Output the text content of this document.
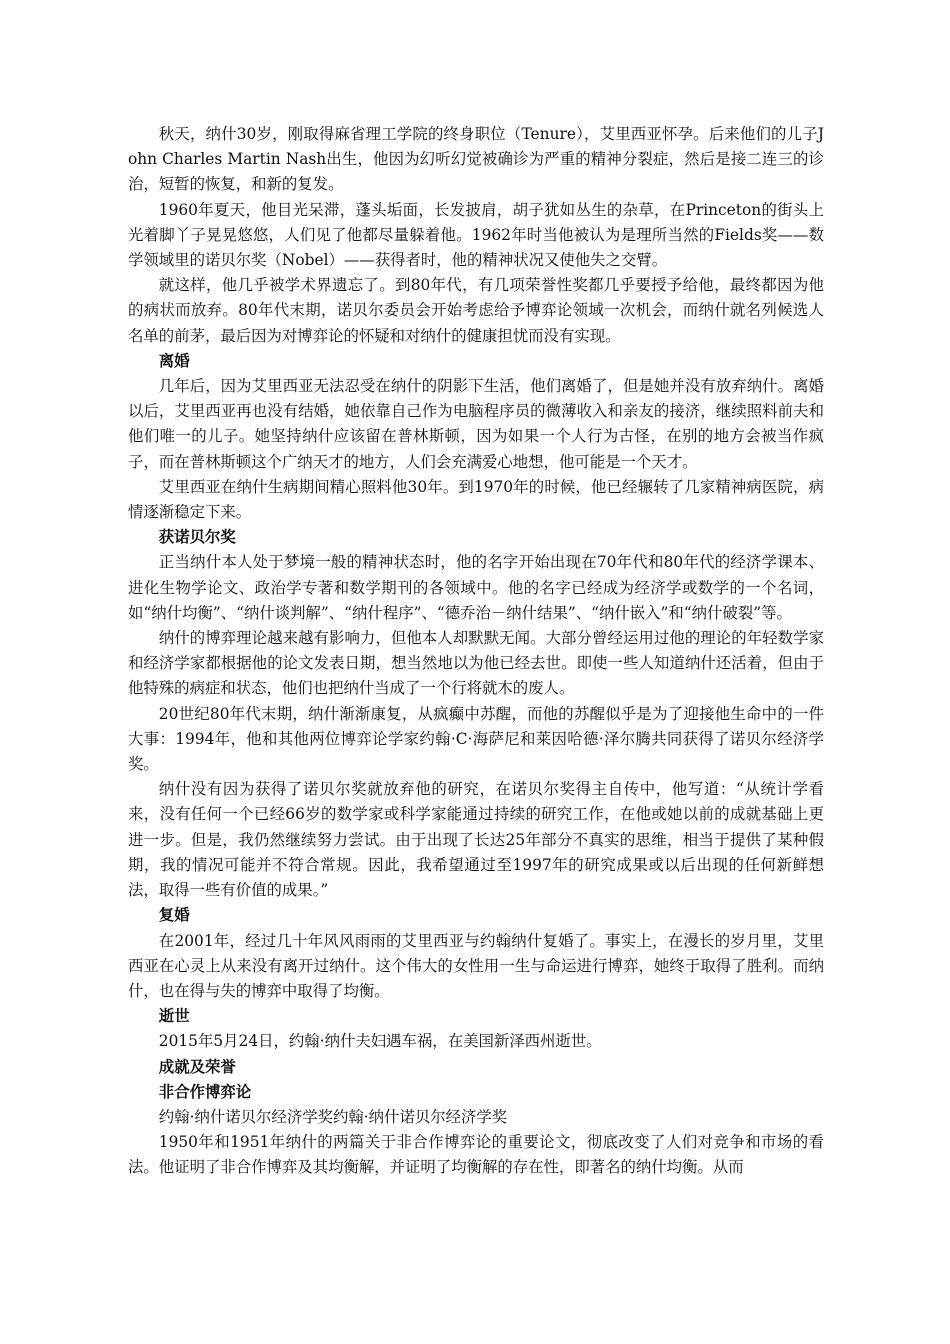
秋天，纳什30岁，刚取得麻省理工学院的终身职位（Tenure），艾里西亚怀孕。后来他们的儿子John Charles Martin Nash出生，他因为幻听幻觉被确诊为严重的精神分裂症，然后是接二连三的诊治，短暂的恢复，和新的复发。

1960年夏天，他目光呆滞，蓬头垢面，长发披肩，胡子犹如丛生的杂草，在Princeton的街头上光着脚丫子晃晃悠悠，人们见了他都尽量躲着他。1962年时当他被认为是理所当然的Fields奖——数学领域里的诺贝尔奖（Nobel）——获得者时，他的精神状况又使他失之交臂。

就这样，他几乎被学术界遗忘了。到80年代，有几项荣誉性奖都几乎要授予给他，最终都因为他的病状而放弃。80年代末期，诺贝尔委员会开始考虑给予博弈论领域一次机会，而纳什就名列候选人名单的前茅，最后因为对博弈论的怀疑和对纳什的健康担忧而没有实现。

离婚

几年后，因为艾里西亚无法忍受在纳什的阴影下生活，他们离婚了，但是她并没有放弃纳什。离婚以后，艾里西亚再也没有结婚，她依靠自己作为电脑程序员的微薄收入和亲友的接济，继续照料前夫和他们唯一的儿子。她坚持纳什应该留在普林斯顿，因为如果一个人行为古怪，在别的地方会被当作疯子，而在普林斯顿这个广纳天才的地方，人们会充满爱心地想，他可能是一个天才。

艾里西亚在纳什生病期间精心照料他30年。到1970年的时候，他已经辗转了几家精神病医院，病情逐渐稳定下来。

获诺贝尔奖

正当纳什本人处于梦境一般的精神状态时，他的名字开始出现在70年代和80年代的经济学课本、进化生物学论文、政治学专著和数学期刊的各领域中。他的名字已经成为经济学或数学的一个名词，如“纳什均衡”、“纳什谈判解”、“纳什程序”、“德乔治－纳什结果”、“纳什嵌入”和“纳什破裂”等。

纳什的博弈理论越来越有影响力，但他本人却默默无闻。大部分曾经运用过他的理论的年轻数学家和经济学家都根据他的论文发表日期，想当然地以为他已经去世。即使一些人知道纳什还活着，但由于他特殊的病症和状态，他们也把纳什当成了一个行将就木的废人。

20世纪80年代末期，纳什渐渐康复，从疯癫中苏醒，而他的苏醒似乎是为了迎接他生命中的一件大事：1994年，他和其他两位博弈论学家约翰·C·海萨尼和莱因哈德·泽尔腾共同获得了诺贝尔经济学奖。

纳什没有因为获得了诺贝尔奖就放弃他的研究，在诺贝尔奖得主自传中，他写道：“从统计学看来，没有任何一个已经66岁的数学家或科学家能通过持续的研究工作，在他或她以前的成就基础上更进一步。但是，我仍然继续努力尝试。由于出现了长达25年部分不真实的思维，相当于提供了某种假期，我的情况可能并不符合常规。因此，我希望通过至1997年的研究成果或以后出现的任何新鲜想法，取得一些有价值的成果。”

复婚

在2001年，经过几十年风风雨雨的艾里西亚与约翰纳什复婚了。事实上，在漫长的岁月里，艾里西亚在心灵上从来没有离开过纳什。这个伟大的女性用一生与命运进行博弈，她终于取得了胜利。而纳什，也在得与失的博弈中取得了均衡。

逝世

2015年5月24日，约翰·纳什夫妇遇车祸，在美国新泽西州逝世。

成就及荣誉

非合作博弈论

约翰·纳什诺贝尔经济学奖约翰·纳什诺贝尔经济学奖

1950年和1951年纳什的两篇关于非合作博弈论的重要论文，彻底改变了人们对竞争和市场的看法。他证明了非合作博弈及其均衡解，并证明了均衡解的存在性，即著名的纳什均衡。从而
